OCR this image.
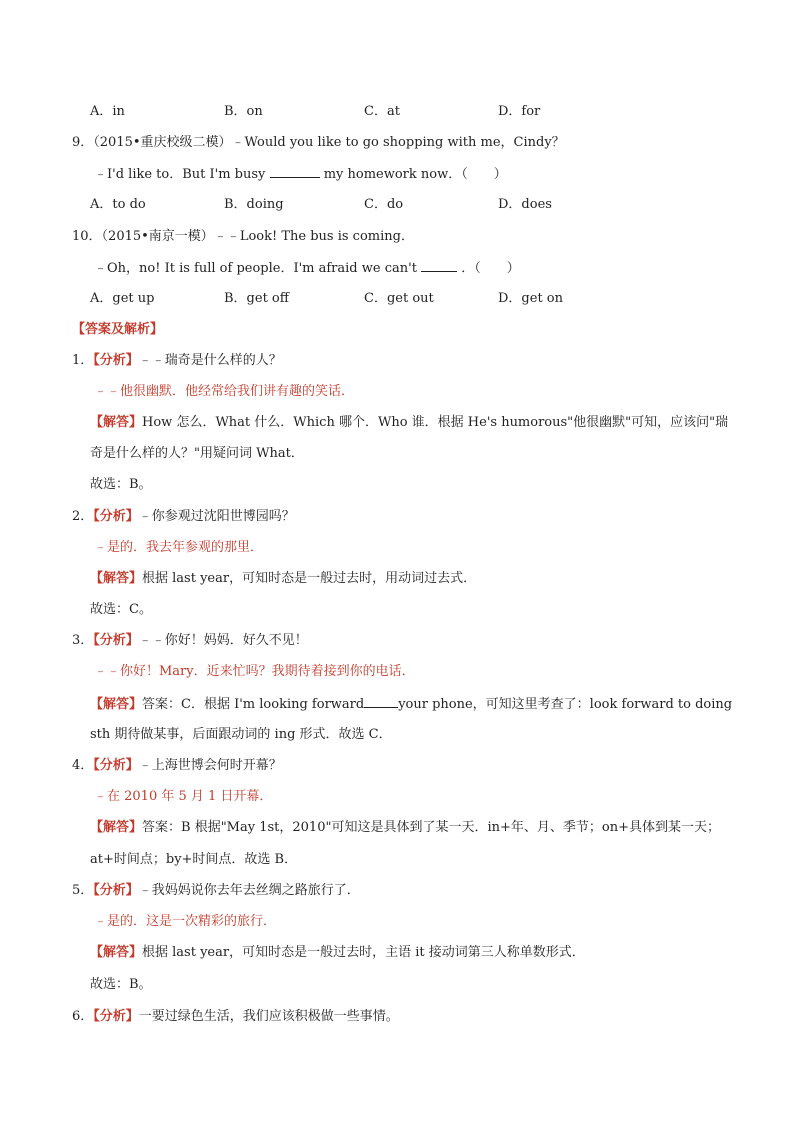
A．in	B．on	C．at	D．for
9．（2015•重庆校级二模）﹣Would you like to go shopping with me，Cindy？
﹣I'd like to．But I'm busy	my homework now．（　　）
A．to do	B．doing	C．do	D．does
10．（2015•南京一模）﹣﹣Look! The bus is coming．
﹣Oh，no! It is full of people．I'm afraid we can't	．（　　）
A．get up	B．get off	C．get out	D．get on
【答案及解析】
1．【分析】﹣﹣瑞奇是什么样的人？
﹣﹣他很幽默．他经常给我们讲有趣的笑话．
【解答】How 怎么．What 什么．Which 哪个．Who 谁．根据 He's humorous"他很幽默"可知，应该问"瑞
奇是什么样的人？"用疑问词 What．
故选：B。
2．【分析】﹣你参观过沈阳世博园吗？
﹣是的．我去年参观的那里．
【解答】根据 last year，可知时态是一般过去时，用动词过去式．
故选：C。
3．【分析】﹣﹣你好！妈妈．好久不见！
﹣﹣你好！Mary．近来忙吗？我期待着接到你的电话．
【解答】答案：C．根据 I'm looking forward	your phone，可知这里考查了：look forward to doing
sth 期待做某事，后面跟动词的 ing 形式．故选 C．
4．【分析】﹣上海世博会何时开幕？
﹣在 2010 年 5 月 1 日开幕．
【解答】答案：B 根据"May 1st，2010"可知这是具体到了某一天．in+年、月、季节；on+具体到某一天；
at+时间点；by+时间点．故选 B．
5．【分析】﹣我妈妈说你去年去丝绸之路旅行了．
﹣是的．这是一次精彩的旅行．
【解答】根据 last year，可知时态是一般过去时，主语 it 接动词第三人称单数形式．
故选：B。
6．【分析】一要过绿色生活，我们应该积极做一些事情。
